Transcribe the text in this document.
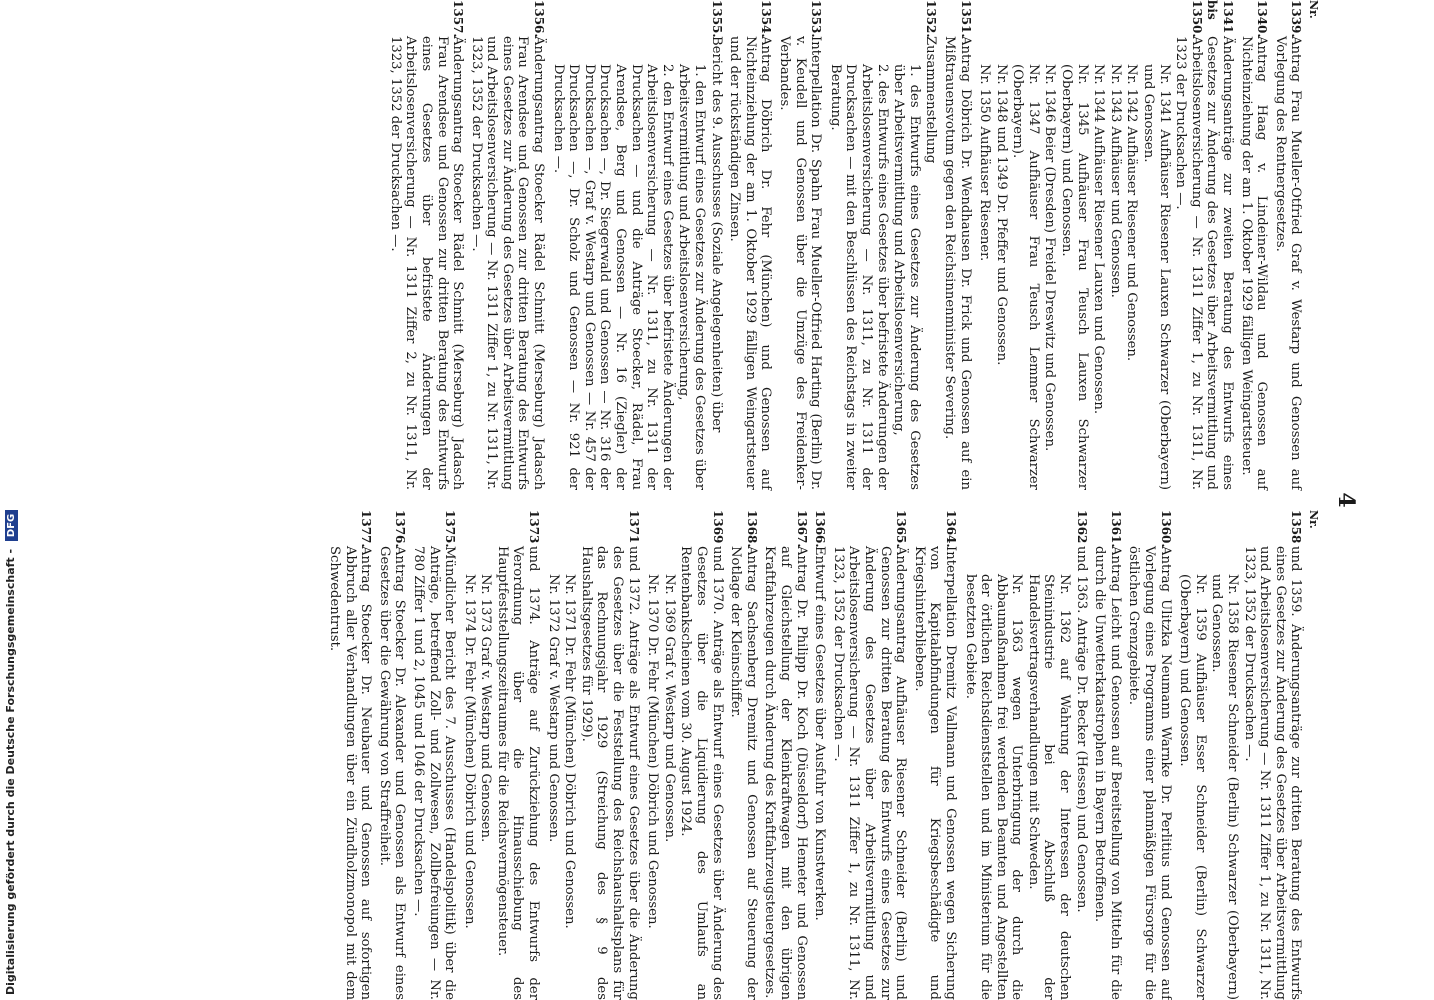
4
Nr.
1339.
Antrag Frau Mueller-Otfried Graf v. Westarp und Genossen auf Vorlegung des Rentnergesetzes.
1340.
Antrag Haag v. Lindeiner-Wildau und Genossen auf Nichteinziehung der am 1. Oktober 1929 fälligen Weingartsteuer.
1341 bis 1350.
Änderungsanträge zur zweiten Beratung des Entwurfs eines Gesetzes zur Änderung des Gesetzes über Arbeitsvermittlung und Arbeitslosenversicherung — Nr. 1311 Ziffer 1, zu Nr. 1311, Nr. 1323 der Drucksachen —.
Nr. 1341 Aufhäuser Riesener Lauxen Schwarzer (Oberbayern) und Genossen.
Nr. 1342 Aufhäuser Riesener und Genossen.
Nr. 1343 Aufhäuser und Genossen.
Nr. 1344 Aufhäuser Riesener Lauxen und Genossen.
Nr. 1345 Aufhäuser Frau Teusch Lauxen Schwarzer (Oberbayern) und Genossen.
Nr. 1346 Beier (Dresden) Freidel Dreswitz und Genossen.
Nr. 1347 Aufhäuser Frau Teusch Lemmer Schwarzer (Oberbayern).
Nr. 1348 und 1349 Dr. Pfeffer und Genossen.
Nr. 1350 Aufhäuser Riesener.
1351.
Antrag Döbrich Dr. Wendhausen Dr. Frick und Genossen auf ein Mißtrauensvotum gegen den Reichsinnenminister Severing.
1352.
Zusammenstellung
1. des Entwurfs eines Gesetzes zur Änderung des Gesetzes über Arbeitsvermittlung und Arbeitslosenversicherung,
2. des Entwurfs eines Gesetzes über befristete Änderungen der Arbeitslosenversicherung — Nr. 1311, zu Nr. 1311 der Drucksachen — mit den Beschlüssen des Reichstags in zweiter Beratung.
1353.
Interpellation Dr. Spahn Frau Mueller-Otfried Harting (Berlin) Dr. v. Keudell und Genossen über die Umzüge des Freidenker-Verbandes.
1354.
Antrag Döbrich Dr. Fehr (München) und Genossen auf Nichteinziehung der am 1. Oktober 1929 fälligen Weingartsteuer und der rückständigen Zinsen.
1355.
Bericht des 9. Ausschusses (Soziale Angelegenheiten) über
1. den Entwurf eines Gesetzes zur Änderung des Gesetzes über Arbeitsvermittlung und Arbeitslosenversicherung,
2. den Entwurf eines Gesetzes über befristete Änderungen der Arbeitslosenversicherung — Nr. 1311, zu Nr. 1311 der Drucksachen — und die Anträge Stoecker, Rädel, Frau Arendsee, Berg und Genossen — Nr. 16 (Ziegler) der Drucksachen —, Dr. Siegerwald und Genossen — Nr. 316 der Drucksachen —, Graf v. Westarp und Genossen — Nr. 457 der Drucksachen —, Dr. Scholz und Genossen — Nr. 921 der Drucksachen —.
1356.
Änderungsantrag Stoecker Rädel Schmitt (Merseburg) Jadasch Frau Arendsee und Genossen zur dritten Beratung des Entwurfs eines Gesetzes zur Änderung des Gesetzes über Arbeitsvermittlung und Arbeitslosenversicherung — Nr. 1311 Ziffer 1, zu Nr. 1311, Nr. 1323, 1352 der Drucksachen —.
1357.
Änderungsantrag Stoecker Rädel Schmitt (Merseburg) Jadasch Frau Arendsee und Genossen zur dritten Beratung des Entwurfs eines Gesetzes über befristete Änderungen der Arbeitslosenversicherung — Nr. 1311 Ziffer 2, zu Nr. 1311, Nr. 1323, 1352 der Drucksachen —.
Nr.
1358
und 1359. Änderungsanträge zur dritten Beratung des Entwurfs eines Gesetzes zur Änderung des Gesetzes über Arbeitsvermittlung und Arbeitslosenversicherung — Nr. 1311 Ziffer 1, zu Nr. 1311, Nr. 1323, 1352 der Drucksachen —.
Nr. 1358 Riesener Schneider (Berlin) Schwarzer (Oberbayern) und Genossen.
Nr. 1359 Aufhäuser Esser Schneider (Berlin) Schwarzer (Oberbayern) und Genossen.
1360.
Antrag Ulitzka Neumann Warnke Dr. Perlitius und Genossen auf Vorlegung eines Programms einer planmäßigen Fürsorge für die östlichen Grenzgebiete.
1361.
Antrag Leicht und Genossen auf Bereitstellung von Mitteln für die durch die Unwetterkatastrophen in Bayern Betroffenen.
1362
und 1363. Anträge Dr. Becker (Hessen) und Genossen.
Nr. 1362 auf Wahrung der Interessen der deutschen Steinindustrie bei Abschluß der Handelsvertragsverhandlungen mit Schweden.
Nr. 1363 wegen Unterbringung der durch die Abbaumaßnahmen frei werdenden Beamten und Angestellten der örtlichen Reichsdienststellen und im Ministerium für die besetzten Gebiete.
1364.
Interpellation Dremitz Vallmann und Genossen wegen Sicherung von Kapitalabfindungen für Kriegsbeschädigte und Kriegshinterbliebene.
1365.
Änderungsantrag Aufhäuser Riesener Schneider (Berlin) und Genossen zur dritten Beratung des Entwurfs eines Gesetzes zur Änderung des Gesetzes über Arbeitsvermittlung und Arbeitslosenversicherung — Nr. 1311 Ziffer 1, zu Nr. 1311, Nr. 1323, 1352 der Drucksachen —.
1366.
Entwurf eines Gesetzes über Ausfuhr von Kunstwerken.
1367.
Antrag Dr. Philipp Dr. Koch (Düsseldorf) Hemeter und Genossen auf Gleichstellung der Kleinkraftwagen mit den übrigen Kraftfahrzeugen durch Änderung des Kraftfahrzeugsteuergesetzes.
1368.
Antrag Sachsenberg Dremitz und Genossen auf Steuerung der Notlage der Kleinschiffer.
1369
und 1370. Anträge als Entwurf eines Gesetzes über Änderung des Gesetzes über die Liquidierung des Umlaufs an Rentenbankscheinen vom 30. August 1924.
Nr. 1369 Graf v. Westarp und Genossen.
Nr. 1370 Dr. Fehr (München) Döbrich und Genossen.
1371
und 1372. Anträge als Entwurf eines Gesetzes über die Änderung des Gesetzes über die Feststellung des Reichshaushaltsplans für das Rechnungsjahr 1929 (Streichung des § 9 des Haushaltsgesetzes für 1929).
Nr. 1371 Dr. Fehr (München) Döbrich und Genossen.
Nr. 1372 Graf v. Westarp und Genossen.
1373
und 1374. Anträge auf Zurückziehung des Entwurfs der Verordnung über die Hinausschiebung des Hauptfeststellungszeitraumes für die Reichsvermögensteuer.
Nr. 1373 Graf v. Westarp und Genossen.
Nr. 1374 Dr. Fehr (München) Döbrich und Genossen.
1375.
Mündlicher Bericht des 7. Ausschusses (Handelspolitik) über die Anträge, betreffend Zoll- und Zollwesen, Zollbefreiungen — Nr. 780 Ziffer 1 und 2, 1045 und 1046 der Drucksachen —.
1376.
Antrag Stoecker Dr. Alexander und Genossen als Entwurf eines Gesetzes über die Gewährung von Straffreiheit.
1377.
Antrag Stoecker Dr. Neubauer und Genossen auf sofortigen Abbruch aller Verhandlungen über ein Zündholzmonopol mit dem Schwedentrust.
Digitalisierung gefördert durch die Deutsche Forschungsgemeinschaft - DFG
